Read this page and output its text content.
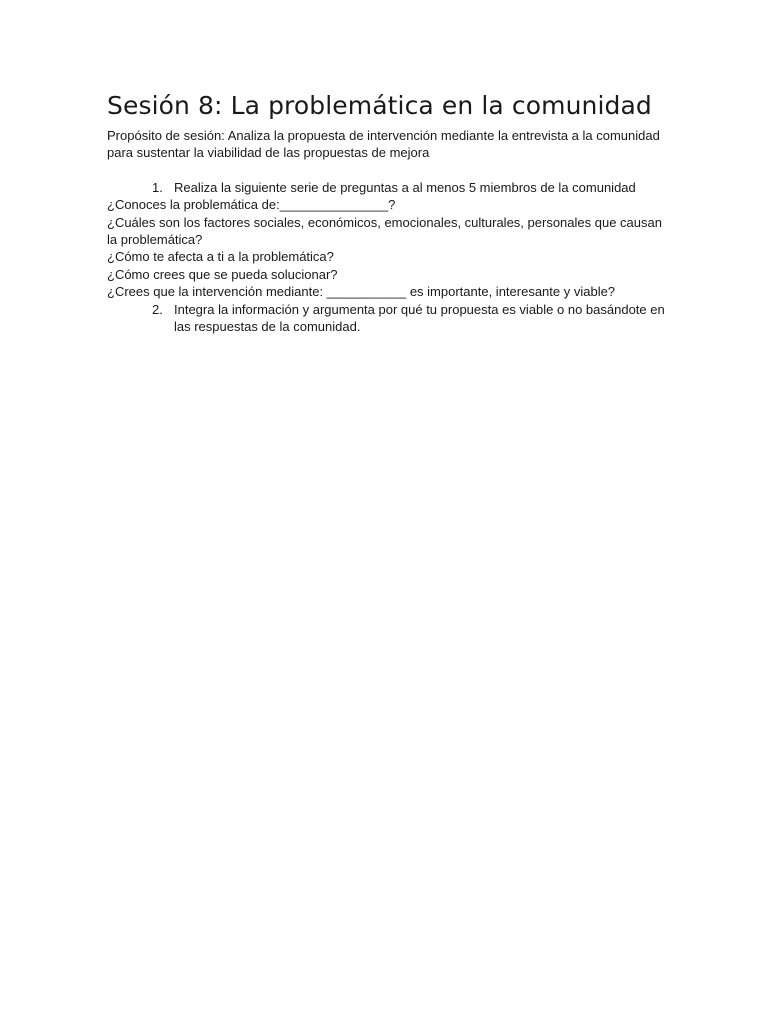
Sesión 8: La problemática en la comunidad

Propósito de sesión: Analiza la propuesta de intervención mediante la entrevista a la comunidad para sustentar la viabilidad de las propuestas de mejora

1. Realiza la siguiente serie de preguntas a al menos 5 miembros de la comunidad

¿Conoces la problemática de:_______________?

¿Cuáles son los factores sociales, económicos, emocionales, culturales, personales que causan la problemática?

¿Cómo te afecta a ti a la problemática?

¿Cómo crees que se pueda solucionar?

¿Crees que la intervención mediante: ___________ es importante, interesante y viable?

2. Integra la información y argumenta por qué tu propuesta es viable o no basándote en las respuestas de la comunidad.
